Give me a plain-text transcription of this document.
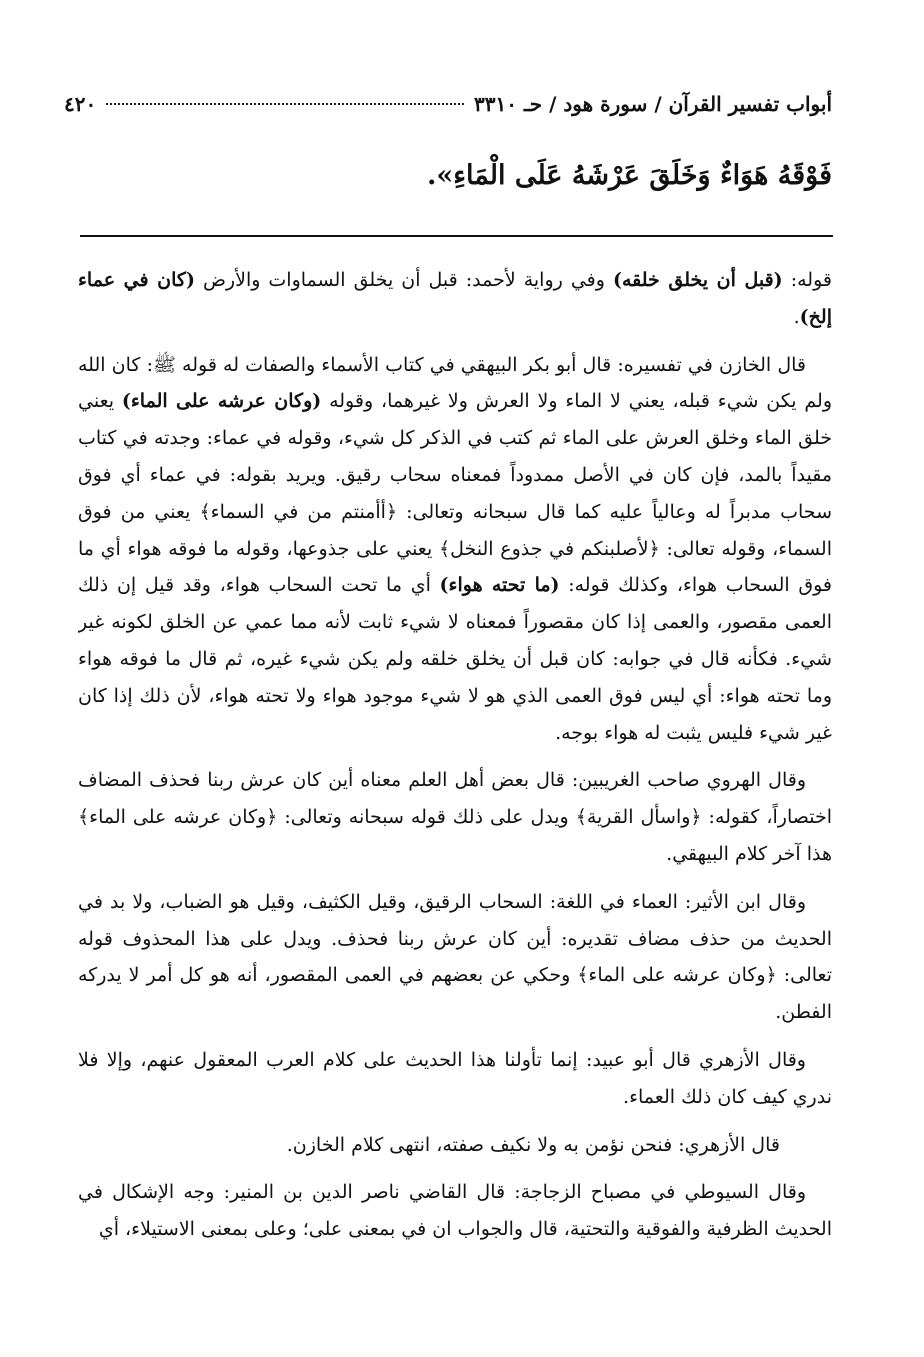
أبواب تفسير القرآن / سورة هود / حـ ٣٣١٠
٤٢٠
فَوْقَهُ هَوَاءٌ وَخَلَقَ عَرْشَهُ عَلَى الْمَاءِ».

قوله: (قبل أن يخلق خلقه) وفي رواية لأحمد: قبل أن يخلق السماوات والأرض (كان في عماء إلخ).

قال الخازن في تفسيره: قال أبو بكر البيهقي في كتاب الأسماء والصفات له قوله ﷺ: كان الله ولم يكن شيء قبله، يعني لا الماء ولا العرش ولا غيرهما، وقوله (وكان عرشه على الماء) يعني خلق الماء وخلق العرش على الماء ثم كتب في الذكر كل شيء، وقوله في عماء: وجدته في كتاب مقيداً بالمد، فإن كان في الأصل ممدوداً فمعناه سحاب رقيق. ويريد بقوله: في عماء أي فوق سحاب مدبراً له وعالياً عليه كما قال سبحانه وتعالى: ﴿أأمنتم من في السماء﴾ يعني من فوق السماء، وقوله تعالى: ﴿لأصلبنكم في جذوع النخل﴾ يعني على جذوعها، وقوله ما فوقه هواء أي ما فوق السحاب هواء، وكذلك قوله: (ما تحته هواء) أي ما تحت السحاب هواء، وقد قيل إن ذلك العمى مقصور، والعمى إذا كان مقصوراً فمعناه لا شيء ثابت لأنه مما عمي عن الخلق لكونه غير شيء. فكأنه قال في جوابه: كان قبل أن يخلق خلقه ولم يكن شيء غيره، ثم قال ما فوقه هواء وما تحته هواء: أي ليس فوق العمى الذي هو لا شيء موجود هواء ولا تحته هواء، لأن ذلك إذا كان غير شيء فليس يثبت له هواء بوجه.

وقال الهروي صاحب الغريبين: قال بعض أهل العلم معناه أين كان عرش ربنا فحذف المضاف اختصاراً، كقوله: ﴿واسأل القرية﴾ ويدل على ذلك قوله سبحانه وتعالى: ﴿وكان عرشه على الماء﴾ هذا آخر كلام البيهقي.

وقال ابن الأثير: العماء في اللغة: السحاب الرقيق، وقيل الكثيف، وقيل هو الضباب، ولا بد في الحديث من حذف مضاف تقديره: أين كان عرش ربنا فحذف. ويدل على هذا المحذوف قوله تعالى: ﴿وكان عرشه على الماء﴾ وحكي عن بعضهم في العمى المقصور، أنه هو كل أمر لا يدركه الفطن.

وقال الأزهري قال أبو عبيد: إنما تأولنا هذا الحديث على كلام العرب المعقول عنهم، وإلا فلا ندري كيف كان ذلك العماء.

قال الأزهري: فنحن نؤمن به ولا نكيف صفته، انتهى كلام الخازن.

وقال السيوطي في مصباح الزجاجة: قال القاضي ناصر الدين بن المنير: وجه الإشكال في الحديث الظرفية والفوقية والتحتية، قال والجواب ان في بمعنى على؛ وعلى بمعنى الاستيلاء، أي
